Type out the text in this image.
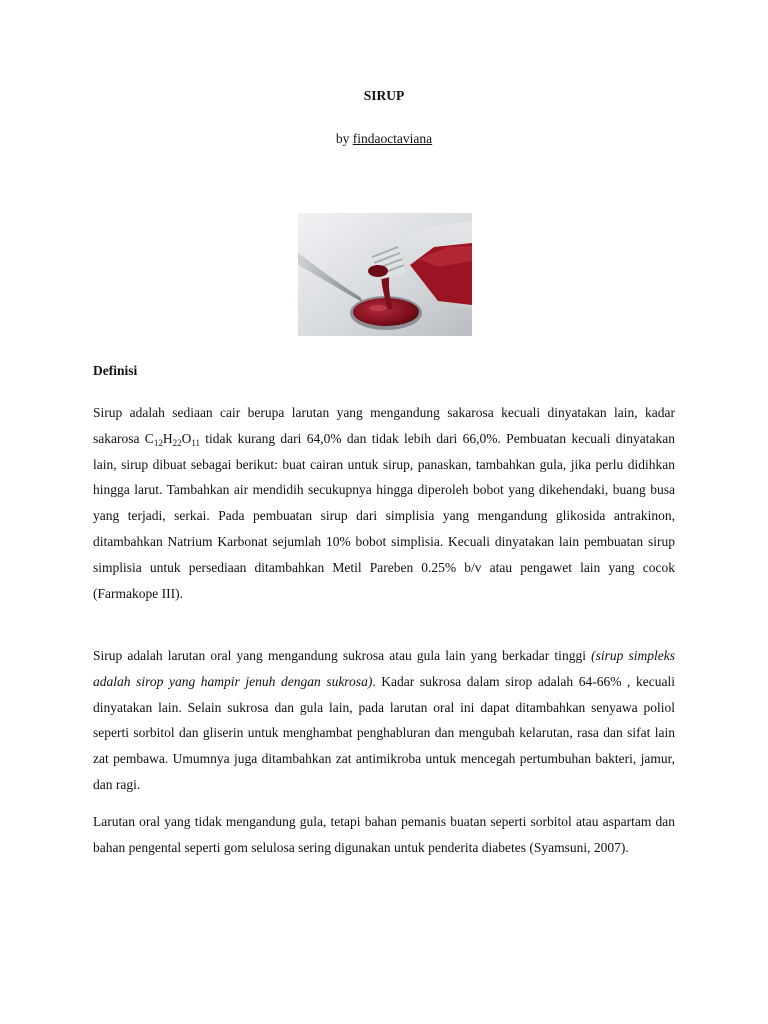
SIRUP
by findaoctaviana
Definisi

Sirup adalah sediaan cair berupa larutan yang mengandung sakarosa kecuali dinyatakan lain, kadar sakarosa $C_{12}H_{22}O_{11}$ tidak kurang dari 64,0% dan tidak lebih dari 66,0%. Pembuatan kecuali dinyatakan lain, sirup dibuat sebagai berikut: buat cairan untuk sirup, panaskan, tambahkan gula, jika perlu didihkan hingga larut. Tambahkan air mendidih secukupnya hingga diperoleh bobot yang dikehendaki, buang busa yang terjadi, serkai. Pada pembuatan sirup dari simplisia yang mengandung glikosida antrakinon, ditambahkan Natrium Karbonat sejumlah 10% bobot simplisia. Kecuali dinyatakan lain pembuatan sirup simplisia untuk persediaan ditambahkan Metil Pareben 0.25% b/v atau pengawet lain yang cocok (Farmakope III).

Sirup adalah larutan oral yang mengandung sukrosa atau gula lain yang berkadar tinggi (sirup simpleks adalah sirop yang hampir jenuh dengan sukrosa). Kadar sukrosa dalam sirop adalah 64-66% , kecuali dinyatakan lain. Selain sukrosa dan gula lain, pada larutan oral ini dapat ditambahkan senyawa poliol seperti sorbitol dan gliserin untuk menghambat penghabluran dan mengubah kelarutan, rasa dan sifat lain zat pembawa. Umumnya juga ditambahkan zat antimikroba untuk mencegah pertumbuhan bakteri, jamur, dan ragi.

Larutan oral yang tidak mengandung gula, tetapi bahan pemanis buatan seperti sorbitol atau aspartam dan bahan pengental seperti gom selulosa sering digunakan untuk penderita diabetes (Syamsuni, 2007).
